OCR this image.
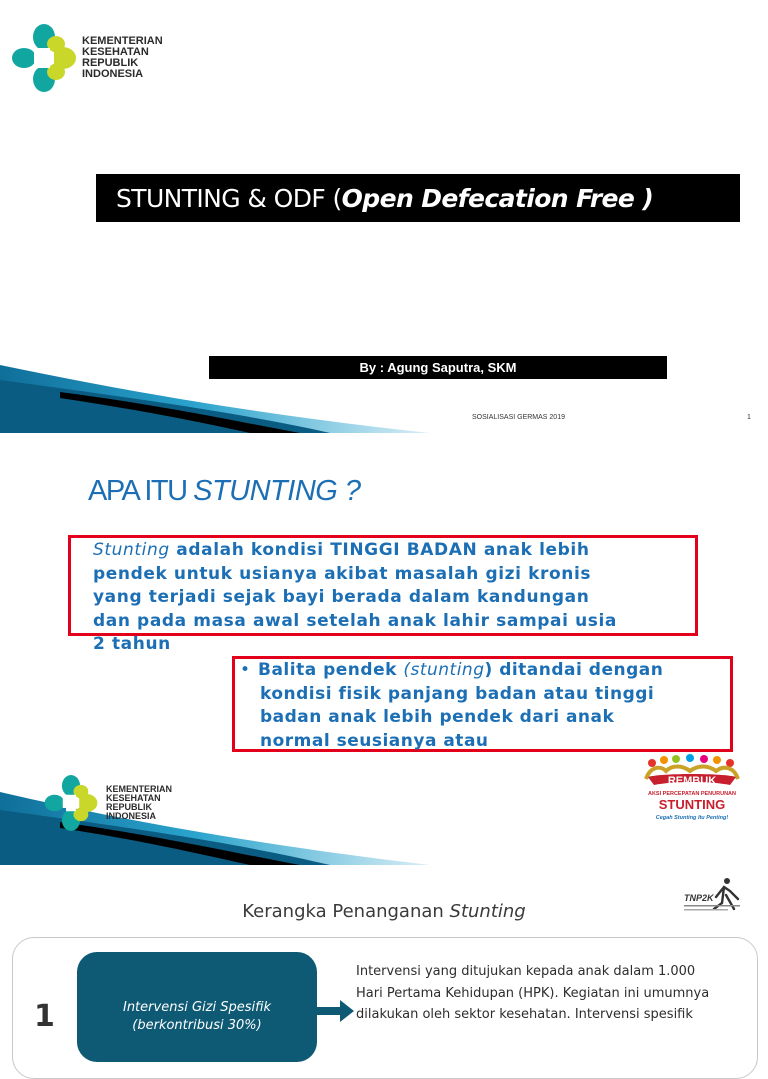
KEMENTERIAN
KESEHATAN
REPUBLIK
INDONESIA
STUNTING & ODF ( Open Defecation Free )
By : Agung Saputra, SKM
SOSIALISASI GERMAS 2019	1
APA ITU STUNTING ?
Stunting adalah kondisi TINGGI BADAN anak lebih
pendek untuk usianya akibat masalah gizi kronis
yang terjadi sejak bayi berada dalam kandungan
dan pada masa awal setelah anak lahir sampai usia
2 tahun
• Balita pendek (stunting) ditandai dengan
kondisi fisik panjang badan atau tinggi
badan anak lebih pendek dari anak
normal seusianya atau
KEMENTERIAN
KESEHATAN
REPUBLIK
INDONESIA
REMBUK
AKSI PERCEPATAN PENURUNAN
STUNTING
Cegah Stunting Itu Penting!
TNP2K
Kerangka Penanganan Stunting
1	Intervensi Gizi Spesifik
(berkontribusi 30%)
Intervensi yang ditujukan kepada anak dalam 1.000
Hari Pertama Kehidupan (HPK). Kegiatan ini umumnya
dilakukan oleh sektor kesehatan. Intervensi spesifik
